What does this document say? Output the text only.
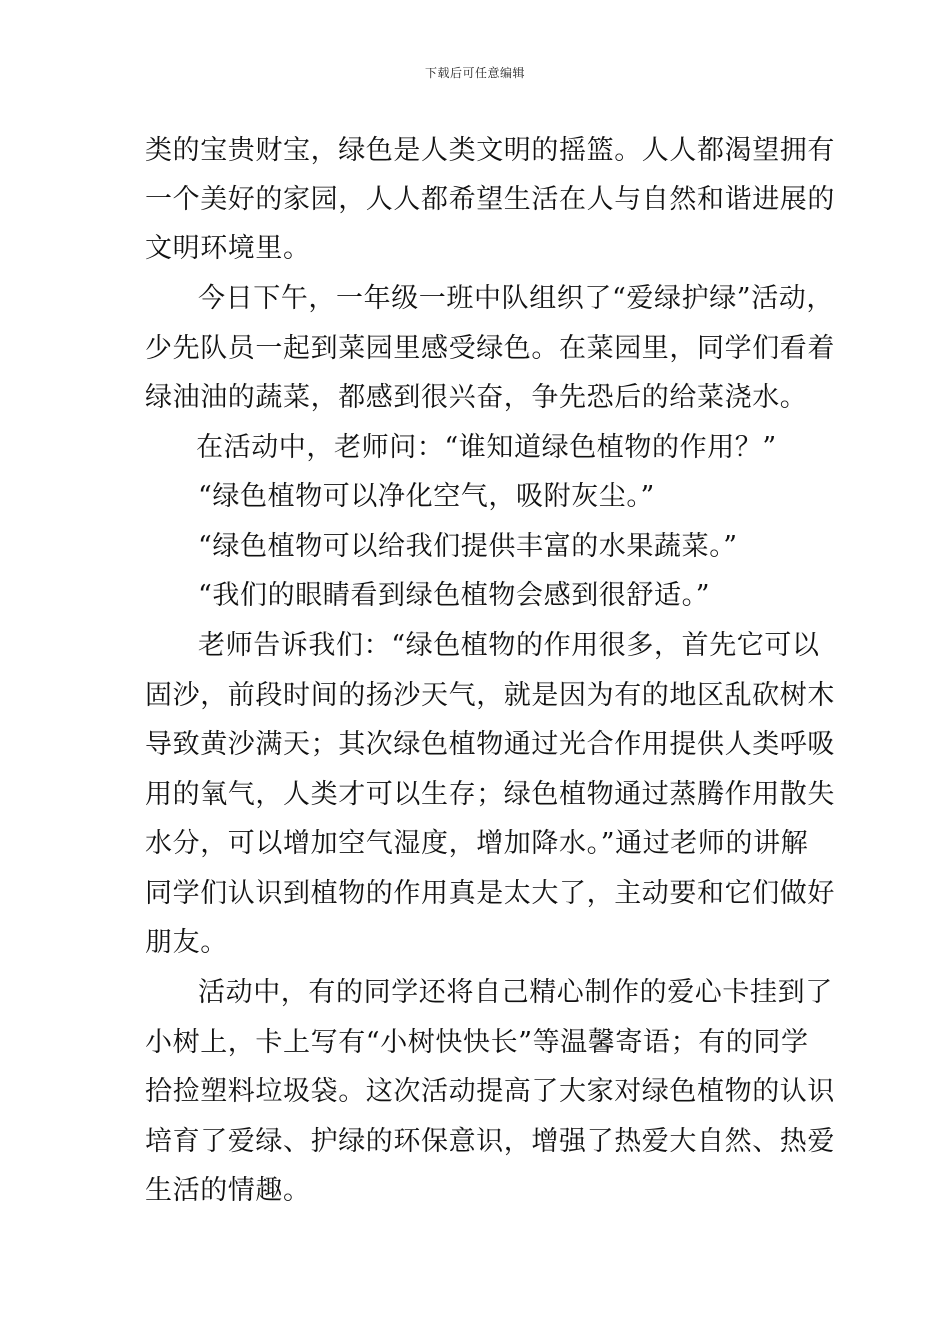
下载后可任意编辑
类的宝贵财宝，绿色是人类文明的摇篮。人人都渴望拥有
一个美好的家园，人人都希望生活在人与自然和谐进展的
文明环境里。
今日下午，一年级一班中队组织了“爱绿护绿”活动，
少先队员一起到菜园里感受绿色。在菜园里，同学们看着
绿油油的蔬菜，都感到很兴奋，争先恐后的给菜浇水。
在活动中，老师问：“谁知道绿色植物的作用？”
“绿色植物可以净化空气，吸附灰尘。”
“绿色植物可以给我们提供丰富的水果蔬菜。”
“我们的眼睛看到绿色植物会感到很舒适。”
老师告诉我们：“绿色植物的作用很多，首先它可以
固沙，前段时间的扬沙天气，就是因为有的地区乱砍树木
导致黄沙满天；其次绿色植物通过光合作用提供人类呼吸
用的氧气，人类才可以生存；绿色植物通过蒸腾作用散失
水分，可以增加空气湿度，增加降水。”通过老师的讲解
同学们认识到植物的作用真是太大了，主动要和它们做好
朋友。
活动中，有的同学还将自己精心制作的爱心卡挂到了
小树上，卡上写有“小树快快长”等温馨寄语；有的同学
拾捡塑料垃圾袋。这次活动提高了大家对绿色植物的认识
培育了爱绿、护绿的环保意识，增强了热爱大自然、热爱
生活的情趣。
